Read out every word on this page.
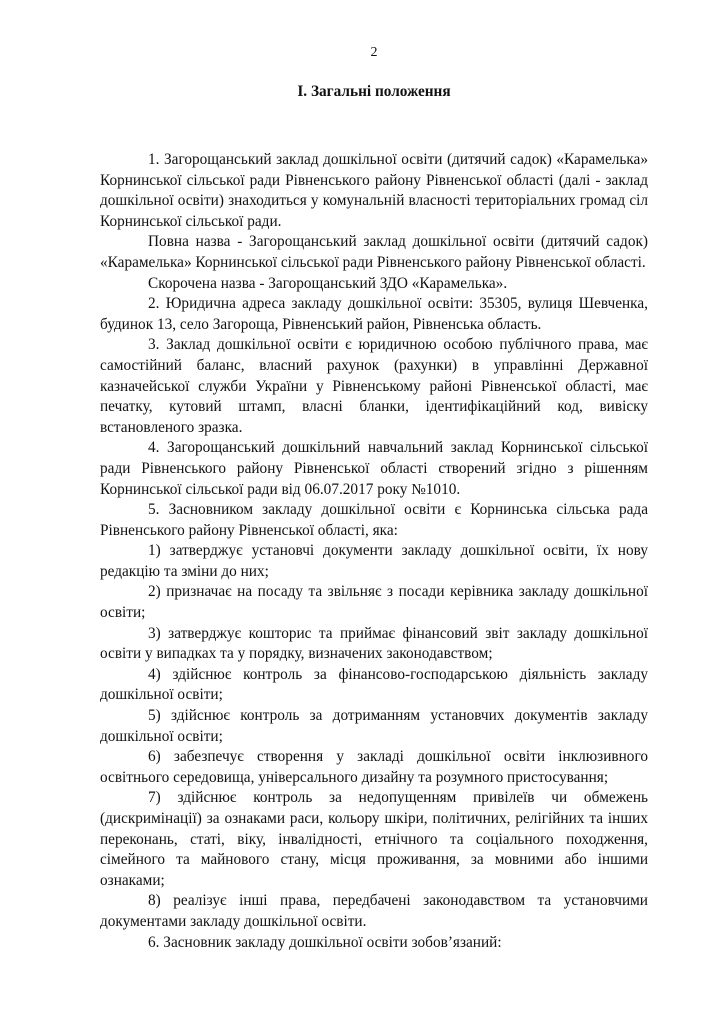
2
І. Загальні положення

1. Загорощанський заклад дошкільної освіти (дитячий садок) «Карамелька» Корнинської сільської ради Рівненського району Рівненської області (далі - заклад дошкільної освіти) знаходиться у комунальній власності територіальних громад сіл Корнинської сільської ради.

Повна назва - Загорощанський заклад дошкільної освіти (дитячий садок) «Карамелька» Корнинської сільської ради Рівненського району Рівненської області.

Скорочена назва - Загорощанський ЗДО «Карамелька».

2. Юридична адреса закладу дошкільної освіти: 35305, вулиця Шевченка, будинок 13, село Загороща, Рівненський район, Рівненська область.

3. Заклад дошкільної освіти є юридичною особою публічного права, має самостійний баланс, власний рахунок (рахунки) в управлінні Державної казначейської служби України у Рівненському районі Рівненської області, має печатку, кутовий штамп, власні бланки, ідентифікаційний код, вивіску встановленого зразка.

4. Загорощанський дошкільний навчальний заклад Корнинської сільської ради Рівненського району Рівненської області створений згідно з рішенням Корнинської сільської ради від 06.07.2017 року №1010.

5. Засновником закладу дошкільної освіти є Корнинська сільська рада Рівненського району Рівненської області, яка:

1) затверджує установчі документи закладу дошкільної освіти, їх нову редакцію та зміни до них;

2) призначає на посаду та звільняє з посади керівника закладу дошкільної освіти;

3) затверджує кошторис та приймає фінансовий звіт закладу дошкільної освіти у випадках та у порядку, визначених законодавством;

4) здійснює контроль за фінансово-господарською діяльність закладу дошкільної освіти;

5) здійснює контроль за дотриманням установчих документів закладу дошкільної освіти;

6) забезпечує створення у закладі дошкільної освіти інклюзивного освітнього середовища, універсального дизайну та розумного пристосування;

7) здійснює контроль за недопущенням привілеїв чи обмежень (дискримінації) за ознаками раси, кольору шкіри, політичних, релігійних та інших переконань, статі, віку, інвалідності, етнічного та соціального походження, сімейного та майнового стану, місця проживання, за мовними або іншими ознаками;

8) реалізує інші права, передбачені законодавством та установчими документами закладу дошкільної освіти.

6. Засновник закладу дошкільної освіти зобов’язаний:
